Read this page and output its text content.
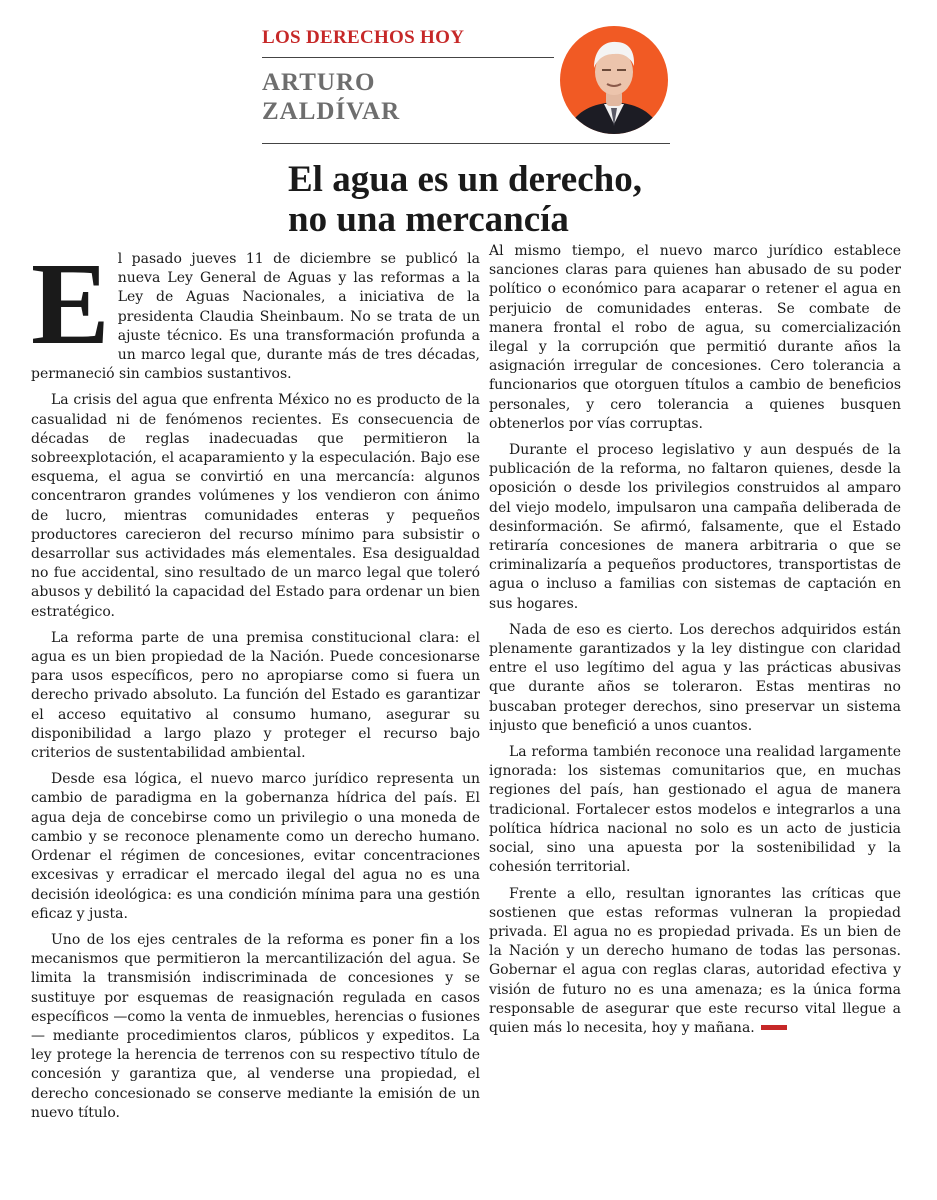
LOS DERECHOS HOY
ARTURO
ZALDÍVAR
El agua es un derecho,
no una mercancía

E l pasado jueves 11 de diciembre se publicó la nueva Ley General de Aguas y las reformas a la Ley de Aguas Nacionales, a iniciativa de la presidenta Claudia Sheinbaum. No se trata de un ajuste técnico. Es una transformación profunda a un marco legal que, durante más de tres décadas, permaneció sin cambios sustantivos.

La crisis del agua que enfrenta México no es producto de la casualidad ni de fenómenos recientes. Es consecuencia de décadas de reglas inadecuadas que permitieron la sobreexplotación, el acaparamiento y la especulación. Bajo ese esquema, el agua se convirtió en una mercancía: algunos concentraron grandes volúmenes y los vendieron con ánimo de lucro, mientras comunidades enteras y pequeños productores carecieron del recurso mínimo para subsistir o desarrollar sus actividades más elementales. Esa desigualdad no fue accidental, sino resultado de un marco legal que toleró abusos y debilitó la capacidad del Estado para ordenar un bien estratégico.

La reforma parte de una premisa constitucional clara: el agua es un bien propiedad de la Nación. Puede concesionarse para usos específicos, pero no apropiarse como si fuera un derecho privado absoluto. La función del Estado es garantizar el acceso equitativo al consumo humano, asegurar su disponibilidad a largo plazo y proteger el recurso bajo criterios de sustentabilidad ambiental.

Desde esa lógica, el nuevo marco jurídico representa un cambio de paradigma en la gobernanza hídrica del país. El agua deja de concebirse como un privilegio o una moneda de cambio y se reconoce plenamente como un derecho humano. Ordenar el régimen de concesiones, evitar concentraciones excesivas y erradicar el mercado ilegal del agua no es una decisión ideológica: es una condición mínima para una gestión eficaz y justa.

Uno de los ejes centrales de la reforma es poner fin a los mecanismos que permitieron la mercantilización del agua. Se limita la transmisión indiscriminada de concesiones y se sustituye por esquemas de reasignación regulada en casos específicos —como la venta de inmuebles, herencias o fusiones— mediante procedimientos claros, públicos y expeditos. La ley protege la herencia de terrenos con su respectivo título de concesión y garantiza que, al venderse una propiedad, el derecho concesionado se conserve mediante la emisión de un nuevo título.

Al mismo tiempo, el nuevo marco jurídico establece sanciones claras para quienes han abusado de su poder político o económico para acaparar o retener el agua en perjuicio de comunidades enteras. Se combate de manera frontal el robo de agua, su comercialización ilegal y la corrupción que permitió durante años la asignación irregular de concesiones. Cero tolerancia a funcionarios que otorguen títulos a cambio de beneficios personales, y cero tolerancia a quienes busquen obtenerlos por vías corruptas.

Durante el proceso legislativo y aun después de la publicación de la reforma, no faltaron quienes, desde la oposición o desde los privilegios construidos al amparo del viejo modelo, impulsaron una campaña deliberada de desinformación. Se afirmó, falsamente, que el Estado retiraría concesiones de manera arbitraria o que se criminalizaría a pequeños productores, transportistas de agua o incluso a familias con sistemas de captación en sus hogares.

Nada de eso es cierto. Los derechos adquiridos están plenamente garantizados y la ley distingue con claridad entre el uso legítimo del agua y las prácticas abusivas que durante años se toleraron. Estas mentiras no buscaban proteger derechos, sino preservar un sistema injusto que benefició a unos cuantos.

La reforma también reconoce una realidad largamente ignorada: los sistemas comunitarios que, en muchas regiones del país, han gestionado el agua de manera tradicional. Fortalecer estos modelos e integrarlos a una política hídrica nacional no solo es un acto de justicia social, sino una apuesta por la sostenibilidad y la cohesión territorial.

Frente a ello, resultan ignorantes las críticas que sostienen que estas reformas vulneran la propiedad privada. El agua no es propiedad privada. Es un bien de la Nación y un derecho humano de todas las personas. Gobernar el agua con reglas claras, autoridad efectiva y visión de futuro no es una amenaza; es la única forma responsable de asegurar que este recurso vital llegue a quien más lo necesita, hoy y mañana.
